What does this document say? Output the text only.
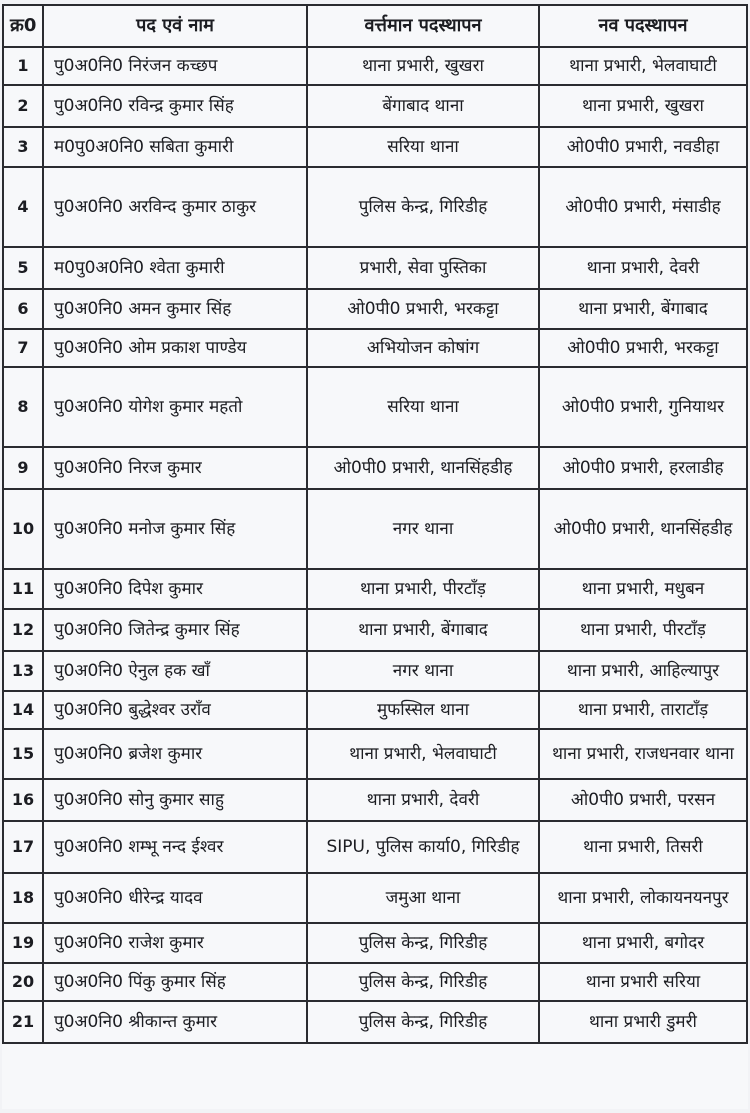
क्र0	पद एवं नाम	वर्त्तमान पदस्थापन	नव पदस्थापन
1	पु0अ0नि0 निरंजन कच्छप	थाना प्रभारी, खुखरा	थाना प्रभारी, भेलवाघाटी
2	पु0अ0नि0 रविन्द्र कुमार सिंह	बेंगाबाद थाना	थाना प्रभारी, खुखरा
3	म0पु0अ0नि0 सबिता कुमारी	सरिया थाना	ओ0पी0 प्रभारी, नवडीहा
4	पु0अ0नि0 अरविन्द कुमार ठाकुर	पुलिस केन्द्र, गिरिडीह	ओ0पी0 प्रभारी, मंसाडीह
5	म0पु0अ0नि0 श्वेता कुमारी	प्रभारी, सेवा पुस्तिका	थाना प्रभारी, देवरी
6	पु0अ0नि0 अमन कुमार सिंह	ओ0पी0 प्रभारी, भरकट्टा	थाना प्रभारी, बेंगाबाद
7	पु0अ0नि0 ओम प्रकाश पाण्डेय	अभियोजन कोषांग	ओ0पी0 प्रभारी, भरकट्टा
8	पु0अ0नि0 योगेश कुमार महतो	सरिया थाना	ओ0पी0 प्रभारी, गुनियाथर
9	पु0अ0नि0 निरज कुमार	ओ0पी0 प्रभारी, थानसिंहडीह	ओ0पी0 प्रभारी, हरलाडीह
10	पु0अ0नि0 मनोज कुमार सिंह	नगर थाना	ओ0पी0 प्रभारी, थानसिंहडीह
11	पु0अ0नि0 दिपेश कुमार	थाना प्रभारी, पीरटाँड़	थाना प्रभारी, मधुबन
12	पु0अ0नि0 जितेन्द्र कुमार सिंह	थाना प्रभारी, बेंगाबाद	थाना प्रभारी, पीरटाँड़
13	पु0अ0नि0 ऐनुल हक खाँ	नगर थाना	थाना प्रभारी, आहिल्यापुर
14	पु0अ0नि0 बुद्धेश्वर उराँव	मुफस्सिल थाना	थाना प्रभारी, ताराटाँड़
15	पु0अ0नि0 ब्रजेश कुमार	थाना प्रभारी, भेलवाघाटी	थाना प्रभारी, राजधनवार थाना
16	पु0अ0नि0 सोनु कुमार साहु	थाना प्रभारी, देवरी	ओ0पी0 प्रभारी, परसन
17	पु0अ0नि0 शम्भू नन्द ईश्वर	SIPU, पुलिस कार्या0, गिरिडीह	थाना प्रभारी, तिसरी
18	पु0अ0नि0 धीरेन्द्र यादव	जमुआ थाना	थाना प्रभारी, लोकायनयनपुर
19	पु0अ0नि0 राजेश कुमार	पुलिस केन्द्र, गिरिडीह	थाना प्रभारी, बगोदर
20	पु0अ0नि0 पिंकु कुमार सिंह	पुलिस केन्द्र, गिरिडीह	थाना प्रभारी सरिया
21	पु0अ0नि0 श्रीकान्त कुमार	पुलिस केन्द्र, गिरिडीह	थाना प्रभारी डुमरी
